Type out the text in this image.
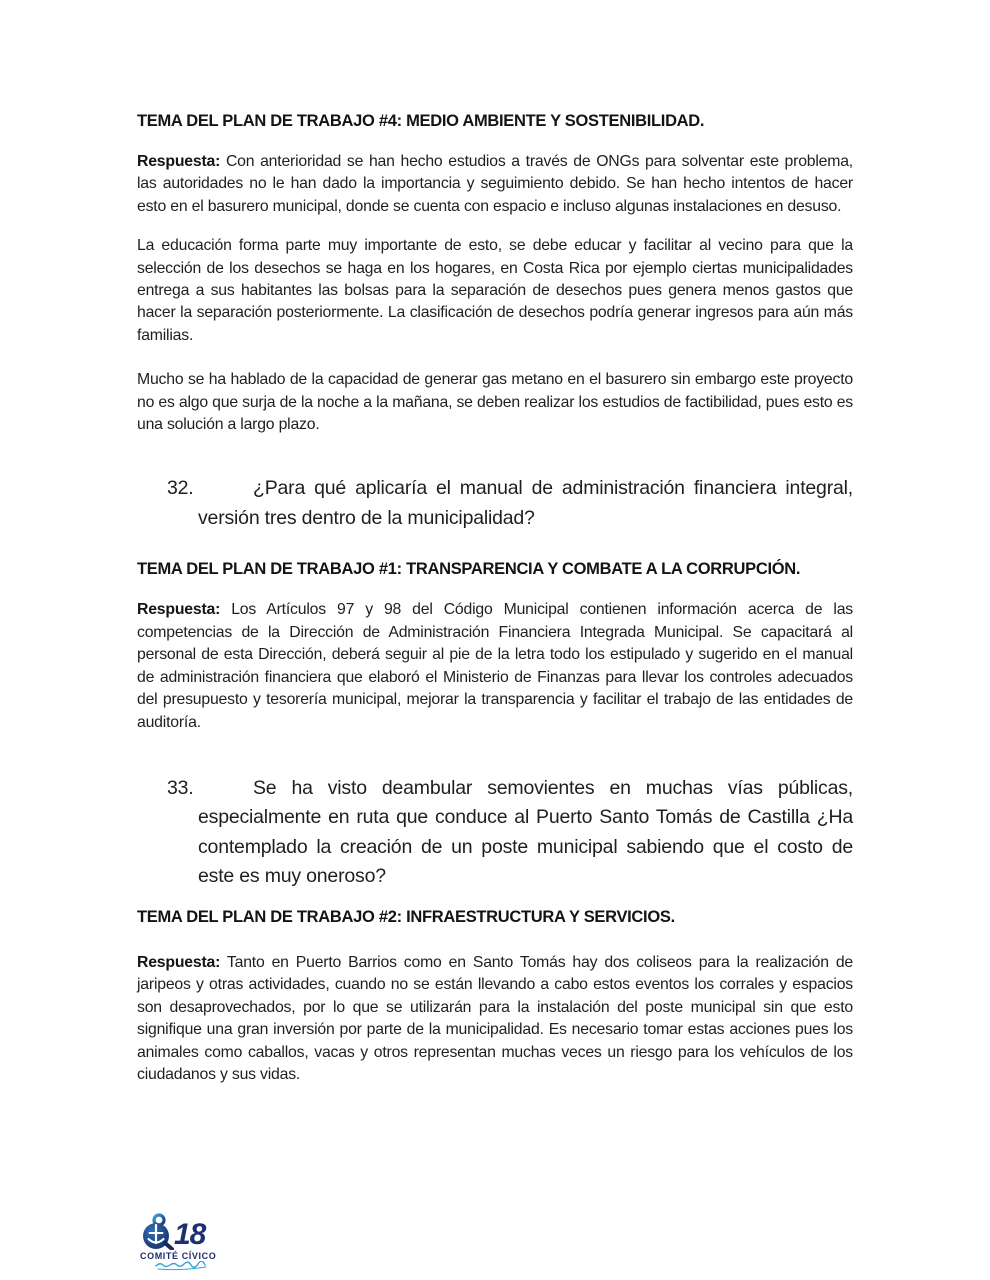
TEMA DEL PLAN DE TRABAJO #4: MEDIO AMBIENTE Y SOSTENIBILIDAD.

Respuesta: Con anterioridad se han hecho estudios a través de ONGs para solventar este problema, las autoridades no le han dado la importancia y seguimiento debido. Se han hecho intentos de hacer esto en el basurero municipal, donde se cuenta con espacio e incluso algunas instalaciones en desuso.

La educación forma parte muy importante de esto, se debe educar y facilitar al vecino para que la selección de los desechos se haga en los hogares, en Costa Rica por ejemplo ciertas municipalidades entrega a sus habitantes las bolsas para la separación de desechos pues genera menos gastos que hacer la separación posteriormente. La clasificación de desechos podría generar ingresos para aún más familias.

Mucho se ha hablado de la capacidad de generar gas metano en el basurero sin embargo este proyecto no es algo que surja de la noche a la mañana, se deben realizar los estudios de factibilidad, pues esto es una solución a largo plazo.

32.	¿Para qué aplicaría el manual de administración financiera integral, versión tres dentro de la municipalidad?
TEMA DEL PLAN DE TRABAJO #1: TRANSPARENCIA Y COMBATE A LA CORRUPCIÓN.

Respuesta: Los Artículos 97 y 98 del Código Municipal contienen información acerca de las competencias de la Dirección de Administración Financiera Integrada Municipal. Se capacitará al personal de esta Dirección, deberá seguir al pie de la letra todo los estipulado y sugerido en el manual de administración financiera que elaboró el Ministerio de Finanzas para llevar los controles adecuados del presupuesto y tesorería municipal, mejorar la transparencia y facilitar el trabajo de las entidades de auditoría.

33.	Se ha visto deambular semovientes en muchas vías públicas, especialmente en ruta que conduce al Puerto Santo Tomás de Castilla ¿Ha contemplado la creación de un poste municipal sabiendo que el costo de este es muy oneroso?
TEMA DEL PLAN DE TRABAJO #2: INFRAESTRUCTURA Y SERVICIOS.

Respuesta: Tanto en Puerto Barrios como en Santo Tomás hay dos coliseos para la realización de jaripeos y otras actividades, cuando no se están llevando a cabo estos eventos los corrales y espacios son desaprovechados, por lo que se utilizarán para la instalación del poste municipal sin que esto signifique una gran inversión por parte de la municipalidad. Es necesario tomar estas acciones pues los animales como caballos, vacas y otros representan muchas veces un riesgo para los vehículos de los ciudadanos y sus vidas.

18
COMITÉ CÍVICO
